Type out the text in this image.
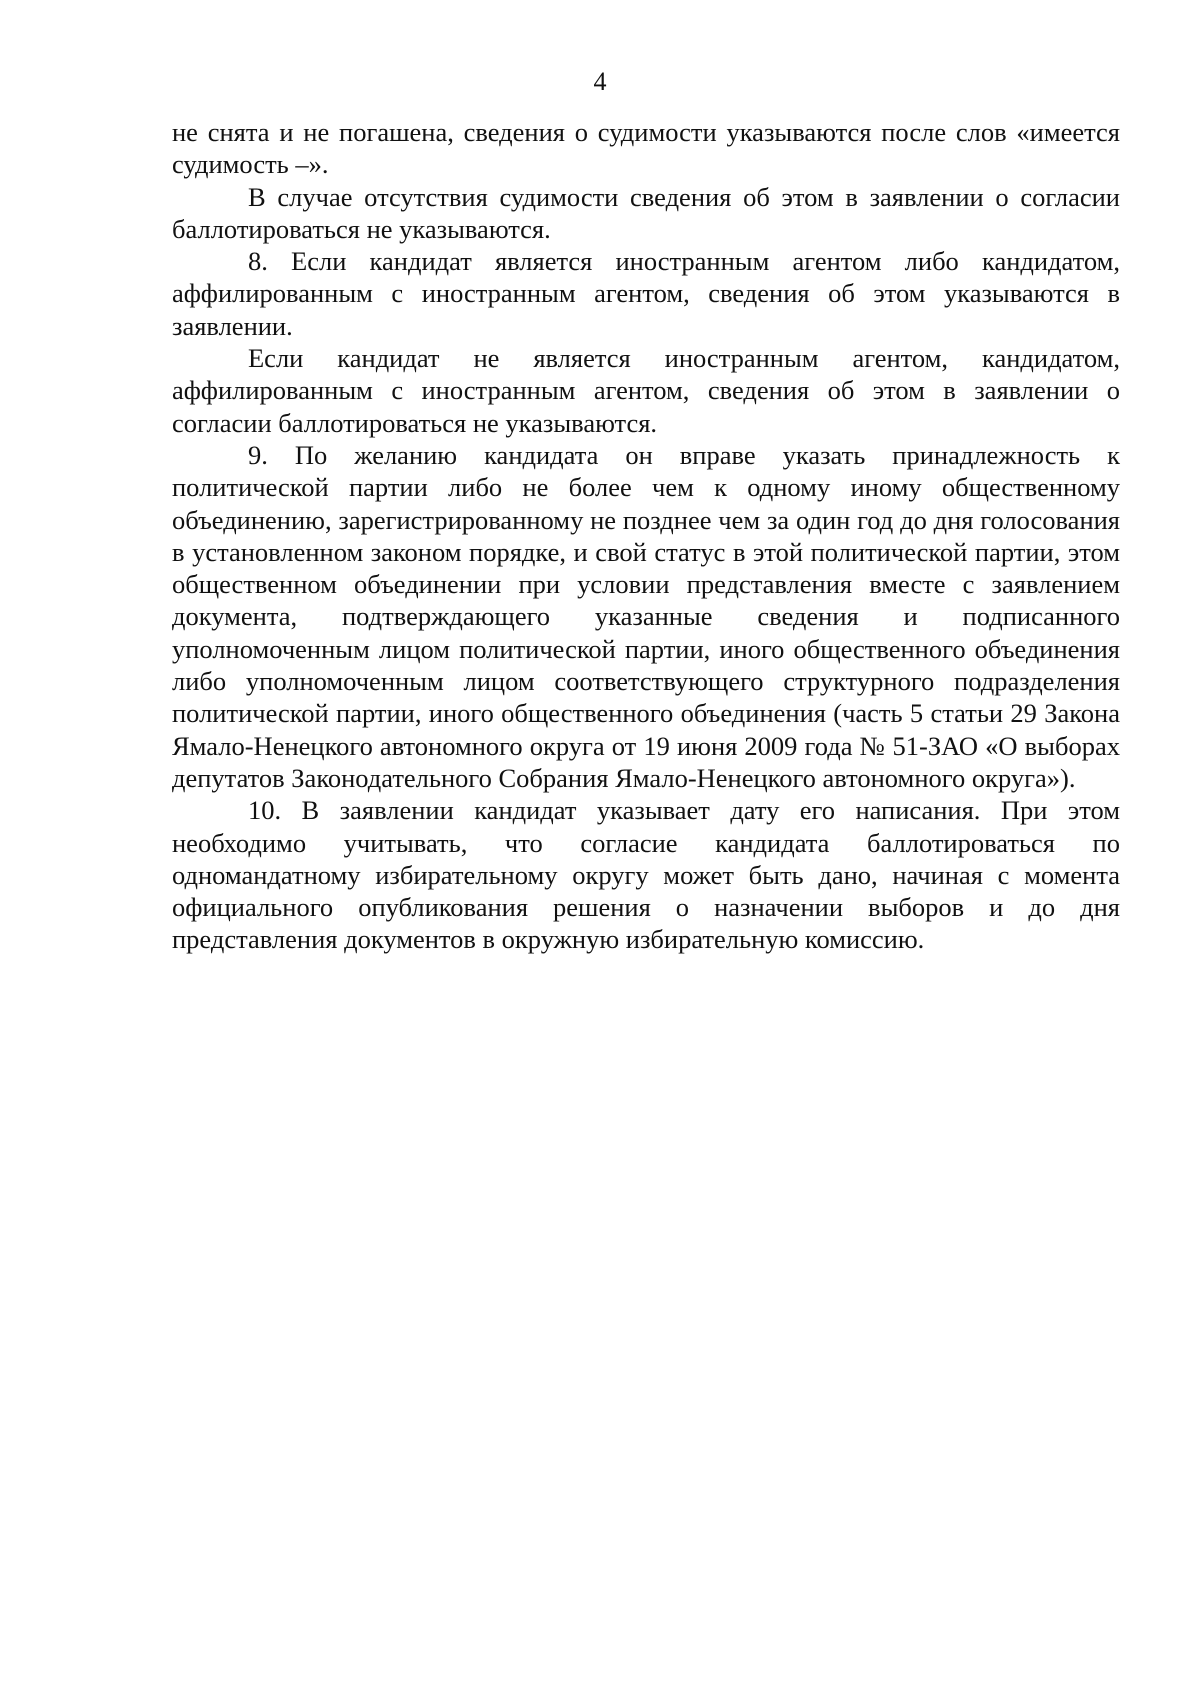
4

не снята и не погашена, сведения о судимости указываются после слов «имеется судимость –».

В случае отсутствия судимости сведения об этом в заявлении о согласии баллотироваться не указываются.

8. Если кандидат является иностранным агентом либо кандидатом, аффилированным с иностранным агентом, сведения об этом указываются в заявлении.

Если кандидат не является иностранным агентом, кандидатом, аффилированным с иностранным агентом, сведения об этом в заявлении о согласии баллотироваться не указываются.

9. По желанию кандидата он вправе указать принадлежность к политической партии либо не более чем к одному иному общественному объединению, зарегистрированному не позднее чем за один год до дня голосования в установленном законом порядке, и свой статус в этой политической партии, этом общественном объединении при условии представления вместе с заявлением документа, подтверждающего указанные сведения и подписанного уполномоченным лицом политической партии, иного общественного объединения либо уполномоченным лицом соответствующего структурного подразделения политической партии, иного общественного объединения (часть 5 статьи 29 Закона Ямало-Ненецкого автономного округа от 19 июня 2009 года № 51-ЗАО «О выборах депутатов Законодательного Собрания Ямало-Ненецкого автономного округа»).

10. В заявлении кандидат указывает дату его написания. При этом необходимо учитывать, что согласие кандидата баллотироваться по одномандатному избирательному округу может быть дано, начиная с момента официального опубликования решения о назначении выборов и до дня представления документов в окружную избирательную комиссию.
